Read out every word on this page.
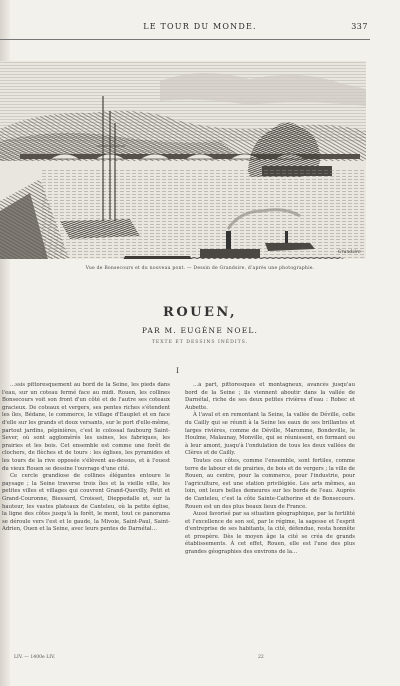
LE TOUR DU MONDE.	337
Grandsire
Vue de Bonsecours et du nouveau pont. — Dessin de Grandsire, d'après une photographie.
ROUEN,
PAR M. EUGÈNE NOEL.
TEXTE ET DESSINS INÉDITS.
I

…ssis pittoresquement au bord de la Seine, les pieds dans l'eau, sur un coteau fermé face au midi. Rouen, les collines Bonsecours voit son front d'un côté et de l'autre ses coteaux gracieux. De coteaux et vergers, ses pentes riches s'étendent les îles, Bédane, le commerce, le village d'Eauplet et en face d'elle sur les grands et doux versants, sur le port d'elle-même, partout jardins, pépinières, c'est le colossal faubourg Saint-Sever, où sont agglomérés les usines, les fabriques, les prairies et les bois. Cet ensemble est comme une forêt de clochers, de flèches et de tours : les églises, les pyramides et les tours de la rive opposée s'élèvent au-dessus, et à l'ouest du vieux Rouen se dessine l'ouvrage d'une cité.

Ce cercle grandiose de collines élégantes entoure le paysage ; la Seine traverse trois îles et la vieille ville, les petites villes et villages qui couvrent Grand-Quevilly, Petit et Grand-Couronne, Biessard, Croisset, Dieppedalle et, sur la hauteur, les vastes plateaux de Canteleu, où la petite église, la ligne des côtes jusqu'à la forêt, le mont, tout ce panorama se déroule vers l'est et le gaude, la Mivoie, Saint-Paul, Saint-Adrien, Ouen et la Seine, avec leurs pentes de Darnétal…

…à part, pittoresques et montagneux, avancés jusqu'au bord de la Seine ; ils viennent aboutir dans la vallée de Darnétal, riche de ses deux petites rivières d'eau : Robec et Aubette.

À l'aval et en remontant la Seine, la vallée de Déville, celle du Cailly qui se réunit à la Seine les eaux de ses brillantes et larges rivières, comme de Déville, Maromme, Bondeville, le Houlme, Malaunay, Monville, qui se réunissent, en formant ou à leur amont, jusqu'à l'ondulation de tous les deux vallées de Clères et de Cailly.

Toutes ces côtes, comme l'ensemble, sont fertiles, comme terre de labour et de prairies, de bois et de vergers ; la ville de Rouen, au centre, pour la commerce, pour l'industrie, pour l'agriculture, est une station privilégiée. Les arts mêmes, au loin, ont leurs belles demeures sur les bords de l'eau. Auprès de Canteleu, c'est la côte Sainte-Catherine et de Bonsecours. Rouen est un des plus beaux lieux de France.

Aussi favorisé par sa situation géographique, par la fertilité et l'excellence de son sol, par le régime, la sagesse et l'esprit d'entreprise de ses habitants, la cité, défendue, resta honnête et prospère. Dès le moyen âge la cité se créa de grands établissements. À cet effet, Rouen, elle est l'une des plus grandes géographies des environs de la…

LIV. — 1400e LIV.	22
